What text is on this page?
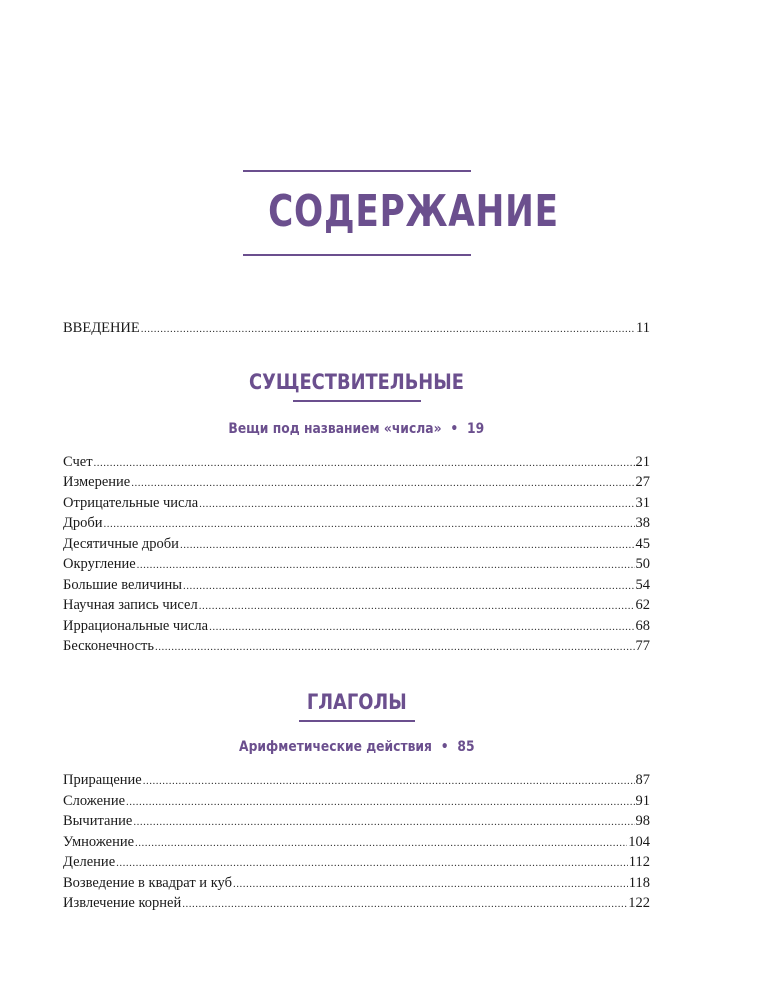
СОДЕРЖАНИЕ
ВВЕДЕНИЕ .....	11
СУЩЕСТВИТЕЛЬНЫЕ
Вещи под названием «числа» • 19
Счет .....	21
Измерение .....	27
Отрицательные числа .....	31
Дроби .....	38
Десятичные дроби .....	45
Округление .....	50
Большие величины .....	54
Научная запись чисел .....	62
Иррациональные числа .....	68
Бесконечность .....	77
ГЛАГОЛЫ
Арифметические действия • 85
Приращение .....	87
Сложение .....	91
Вычитание .....	98
Умножение .....	104
Деление .....	112
Возведение в квадрат и куб .....	118
Извлечение корней .....	122
